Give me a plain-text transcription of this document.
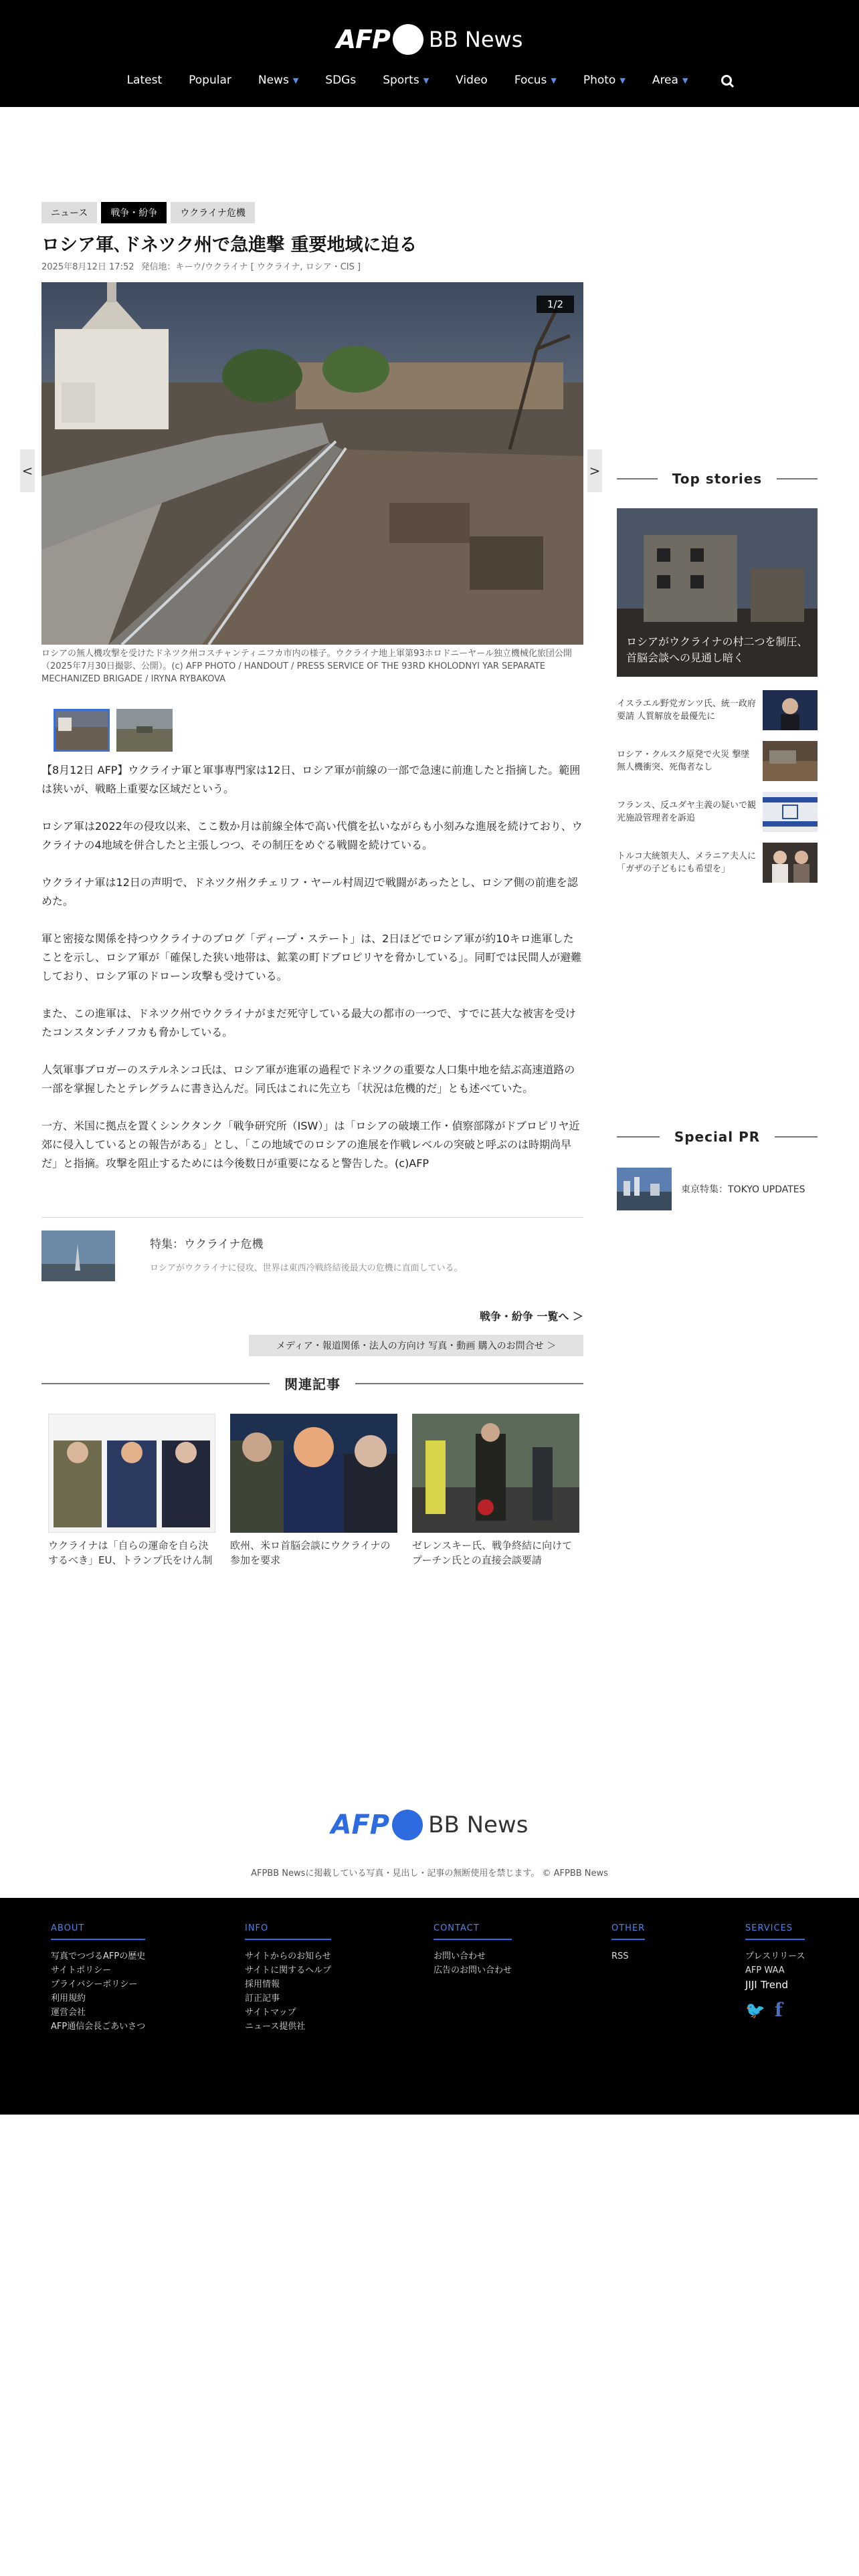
AFP BB News
Latest Popular News ▼ SDGs Sports ▼ Video Focus ▼ Photo ▼ Area ▼
ニュース	戦争・紛争	ウクライナ危機
ロシア軍､ドネツク州で急進撃 重要地域に迫る
2025年8月12日 17:52 発信地：キーウ/ウクライナ [ ウクライナ, ロシア・CIS ]
1/2
<	>
ロシアの無人機攻撃を受けたドネツク州コスチャンティニフカ市内の様子。ウクライナ地上軍第93ホロドニーヤール独立機械化旅団公開（2025年7月30日撮影、公開）。(c) AFP PHOTO / HANDOUT / PRESS SERVICE OF THE 93RD KHOLODNYI YAR SEPARATE MECHANIZED BRIGADE / IRYNA RYBAKOVA

【8月12日 AFP】ウクライナ軍と軍事専門家は12日、ロシア軍が前線の一部で急速に前進したと指摘した。範囲は狭いが、戦略上重要な区域だという。

ロシア軍は2022年の侵攻以来、ここ数か月は前線全体で高い代償を払いながらも小刻みな進展を続けており、ウクライナの4地域を併合したと主張しつつ、その制圧をめぐる戦闘を続けている。

ウクライナ軍は12日の声明で、ドネツク州クチェリフ・ヤール村周辺で戦闘があったとし、ロシア側の前進を認めた。

軍と密接な関係を持つウクライナのブログ「ディープ・ステート」は、2日ほどでロシア軍が約10キロ進軍したことを示し、ロシア軍が「確保した狭い地帯は、鉱業の町ドブロピリヤを脅かしている」。同町では民間人が避難しており、ロシア軍のドローン攻撃も受けている。

また、この進軍は、ドネツク州でウクライナがまだ死守している最大の都市の一つで、すでに甚大な被害を受けたコンスタンチノフカも脅かしている。

人気軍事ブロガーのステルネンコ氏は、ロシア軍が進軍の過程でドネツクの重要な人口集中地を結ぶ高速道路の一部を掌握したとテレグラムに書き込んだ。同氏はこれに先立ち「状況は危機的だ」とも述べていた。

一方、米国に拠点を置くシンクタンク「戦争研究所（ISW）」は「ロシアの破壊工作・偵察部隊がドブロピリヤ近郊に侵入しているとの報告がある」とし、「この地域でのロシアの進展を作戦レベルの突破と呼ぶのは時期尚早だ」と指摘。攻撃を阻止するためには今後数日が重要になると警告した。(c)AFP

特集：ウクライナ危機
ロシアがウクライナに侵攻、世界は東西冷戦終結後最大の危機に直面している。
戦争・紛争 一覧へ ＞
メディア・報道関係・法人の方向け 写真・動画 購入のお問合せ ＞
関連記事
ウクライナは「自らの運命を自ら決するべき」EU、トランプ氏をけん制
欧州、米ロ首脳会談にウクライナの参加を要求
ゼレンスキー氏、戦争終結に向けてプーチン氏との直接会談要請
Top stories
ロシアがウクライナの村二つを制圧、首脳会談への見通し暗く
イスラエル野党ガンツ氏、統一政府要請 人質解放を最優先に
ロシア・クルスク原発で火災 撃墜無人機衝突、死傷者なし
フランス、反ユダヤ主義の疑いで観光施設管理者を訴追
トルコ大統領夫人、メラニア夫人に「ガザの子どもにも希望を」
Special PR
東京特集：TOKYO UPDATES
AFP BB News
AFPBB Newsに掲載している写真・見出し・記事の無断使用を禁じます。 © AFPBB News
ABOUT
写真でつづるAFPの歴史
サイトポリシー
プライバシーポリシー
利用規約
運営会社
AFP通信会長ごあいさつ
INFO
サイトからのお知らせ
サイトに関するヘルプ
採用情報
訂正記事
サイトマップ
ニュース提供社
CONTACT
お問い合わせ
広告のお問い合わせ
OTHER
RSS
SERVICES
プレスリリース
AFP WAA
JIJI Trend
🐦 f
